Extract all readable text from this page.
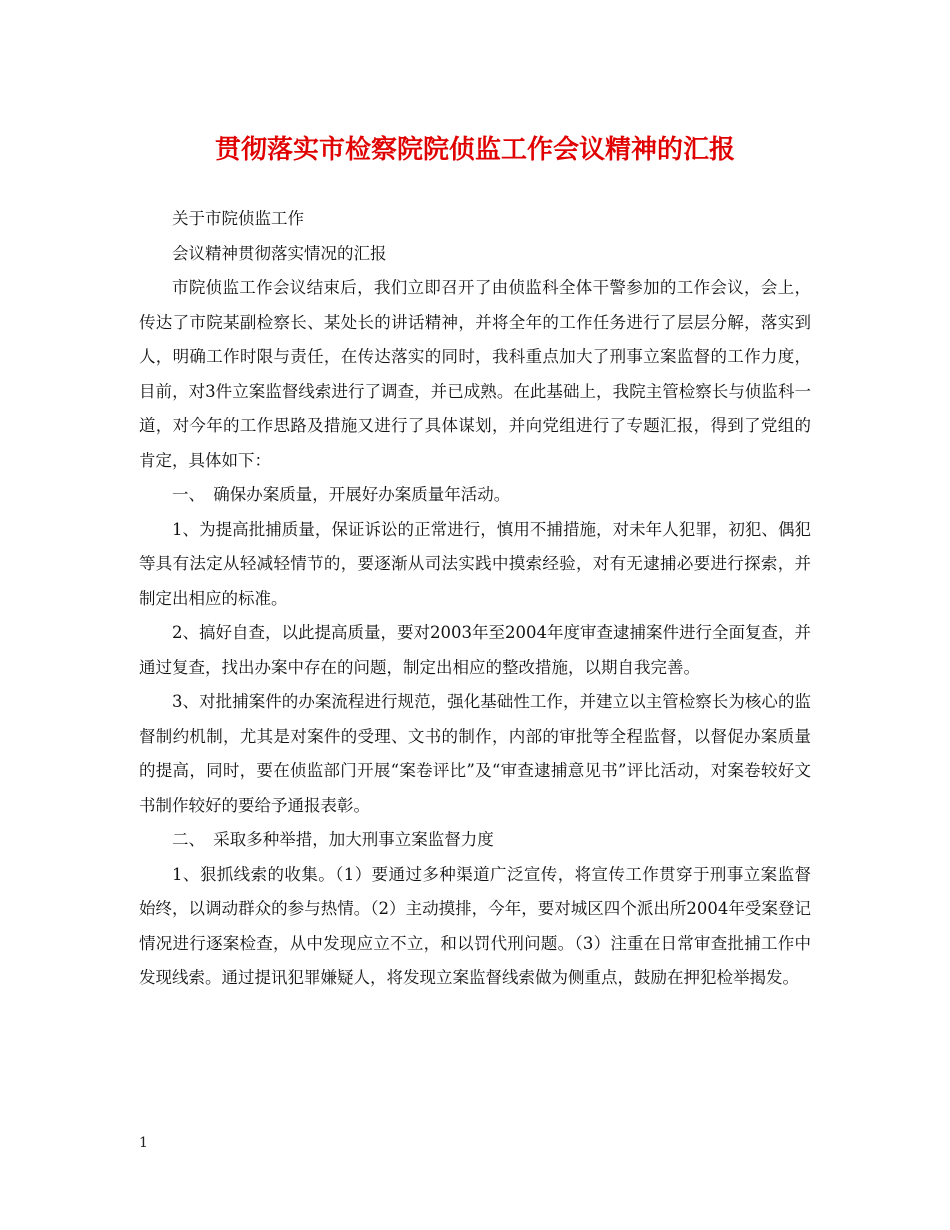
贯彻落实市检察院院侦监工作会议精神的汇报

关于市院侦监工作

会议精神贯彻落实情况的汇报

市院侦监工作会议结束后，我们立即召开了由侦监科全体干警参加的工作会议，会上，传达了市院某副检察长、某处长的讲话精神，并将全年的工作任务进行了层层分解，落实到人，明确工作时限与责任，在传达落实的同时，我科重点加大了刑事立案监督的工作力度，目前，对3件立案监督线索进行了调查，并已成熟。在此基础上，我院主管检察长与侦监科一道，对今年的工作思路及措施又进行了具体谋划，并向党组进行了专题汇报，得到了党组的肯定，具体如下：

一、　确保办案质量，开展好办案质量年活动。

1、为提高批捕质量，保证诉讼的正常进行，慎用不捕措施，对未年人犯罪，初犯、偶犯等具有法定从轻减轻情节的，要逐渐从司法实践中摸索经验，对有无逮捕必要进行探索，并制定出相应的标准。

2、搞好自查，以此提高质量，要对2003年至2004年度审查逮捕案件进行全面复查，并通过复查，找出办案中存在的问题，制定出相应的整改措施，以期自我完善。

3、对批捕案件的办案流程进行规范，强化基础性工作，并建立以主管检察长为核心的监督制约机制，尤其是对案件的受理、文书的制作，内部的审批等全程监督，以督促办案质量的提高，同时，要在侦监部门开展“案卷评比”及“审查逮捕意见书”评比活动，对案卷较好文书制作较好的要给予通报表彰。

二、　采取多种举措，加大刑事立案监督力度

1、狠抓线索的收集。（1）要通过多种渠道广泛宣传，将宣传工作贯穿于刑事立案监督始终，以调动群众的参与热情。（2）主动摸排，今年，要对城区四个派出所2004年受案登记情况进行逐案检查，从中发现应立不立，和以罚代刑问题。（3）注重在日常审查批捕工作中发现线索。通过提讯犯罪嫌疑人，将发现立案监督线索做为侧重点，鼓励在押犯检举揭发。

1
